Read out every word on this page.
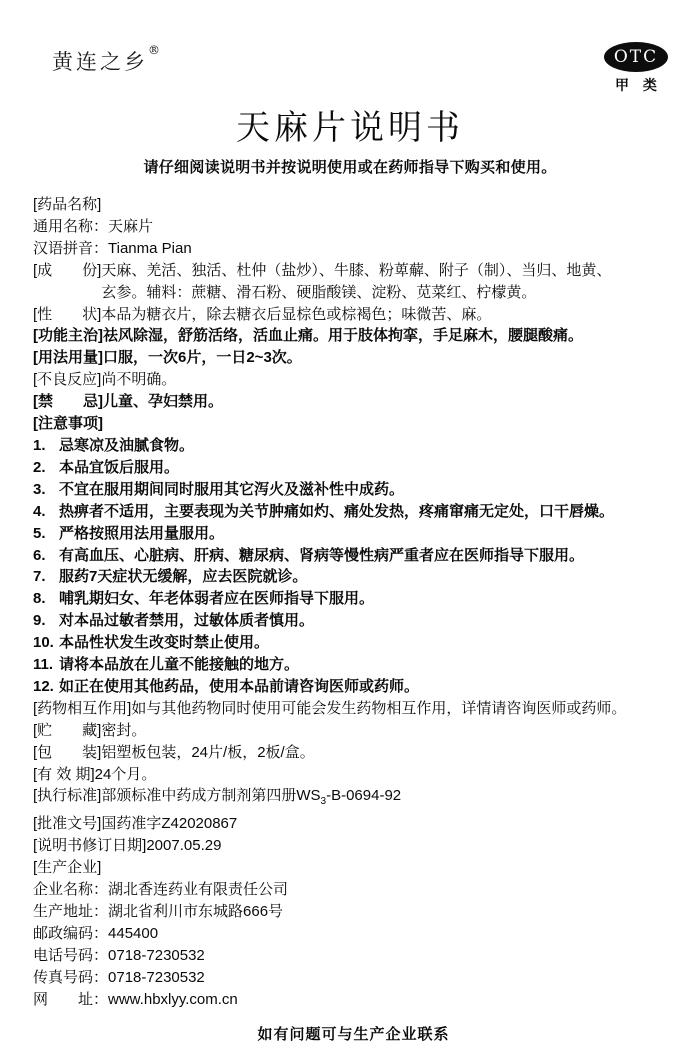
黄连之乡®	OTC
甲 类
天麻片说明书
请仔细阅读说明书并按说明使用或在药师指导下购买和使用。
[药品名称]
通用名称： 天麻片
汉语拼音： Tianma Pian
[成　　份] 天麻、羌活、独活、杜仲（盐炒）、牛膝、粉萆薢、附子（制）、当归、地黄、
玄参。辅料：蔗糖、滑石粉、硬脂酸镁、淀粉、苋菜红、柠檬黄。
[性　　状] 本品为糖衣片，除去糖衣后显棕色或棕褐色；味微苦、麻。
[功能主治] 祛风除湿，舒筋活络，活血止痛。用于肢体拘挛，手足麻木，腰腿酸痛。
[用法用量] 口服，一次6片，一日2~3次。
[不良反应] 尚不明确。
[禁　　忌] 儿童、孕妇禁用。
[注意事项]
1. 忌寒凉及油腻食物。
2. 本品宜饭后服用。
3. 不宜在服用期间同时服用其它泻火及滋补性中成药。
4. 热痹者不适用，主要表现为关节肿痛如灼、痛处发热，疼痛窜痛无定处，口干唇燥。
5. 严格按照用法用量服用。
6. 有高血压、心脏病、肝病、糖尿病、肾病等慢性病严重者应在医师指导下服用。
7. 服药7天症状无缓解，应去医院就诊。
8. 哺乳期妇女、年老体弱者应在医师指导下服用。
9. 对本品过敏者禁用，过敏体质者慎用。
10. 本品性状发生改变时禁止使用。
11. 请将本品放在儿童不能接触的地方。
12. 如正在使用其他药品，使用本品前请咨询医师或药师。
[药物相互作用] 如与其他药物同时使用可能会发生药物相互作用，详情请咨询医师或药师。
[贮　　藏] 密封。
[包　　装] 铝塑板包装，24片/板，2板/盒。
[有 效 期] 24个月。
[执行标准] 部颁标准中药成方制剂第四册$WS_3-B-0694-92$
[批准文号] 国药准字Z42020867
[说明书修订日期] 2007.05.29
[生产企业]
企业名称： 湖北香连药业有限责任公司
生产地址： 湖北省利川市东城路666号
邮政编码： 445400
电话号码： 0718-7230532
传真号码： 0718-7230532
网　　址： www.hbxlyy.com.cn
如有问题可与生产企业联系
